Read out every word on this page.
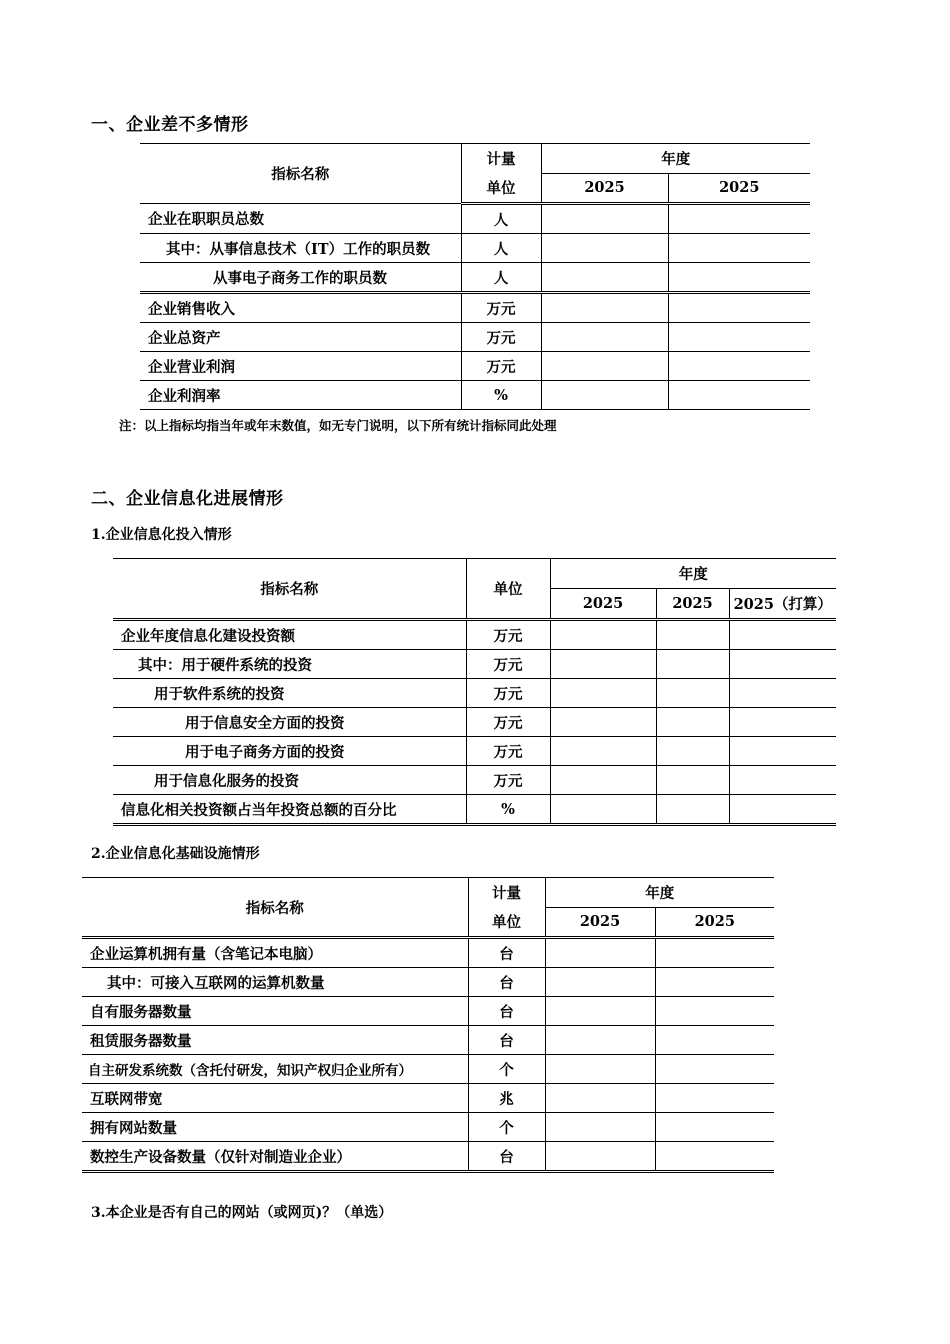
一、企业差不多情形
指标名称	计量	年度	
	单位	2025	2025
企业在职职员总数	人		
其中：从事信息技术（IT）工作的职员数	人		
从事电子商务工作的职员数	人		
企业销售收入	万元		
企业总资产	万元		
企业营业利润	万元		
企业利润率	%		
注：以上指标均指当年或年末数值，如无专门说明，以下所有统计指标同此处理
二、企业信息化进展情形
1.企业信息化投入情形
指标名称	单位	年度		
		2025	2025	2025（打算）
企业年度信息化建设投资额	万元			
其中：用于硬件系统的投资	万元			
用于软件系统的投资	万元			
用于信息安全方面的投资	万元			
用于电子商务方面的投资	万元			
用于信息化服务的投资	万元			
信息化相关投资额占当年投资总额的百分比	%			
2.企业信息化基础设施情形
指标名称	计量	年度	
	单位	2025	2025
企业运算机拥有量（含笔记本电脑）	台		
其中：可接入互联网的运算机数量	台		
自有服务器数量	台		
租赁服务器数量	台		
自主研发系统数（含托付研发，知识产权归企业所有）	个		
互联网带宽	兆		
拥有网站数量	个		
数控生产设备数量（仅针对制造业企业）	台		
3.本企业是否有自己的网站（或网页)？（单选）
